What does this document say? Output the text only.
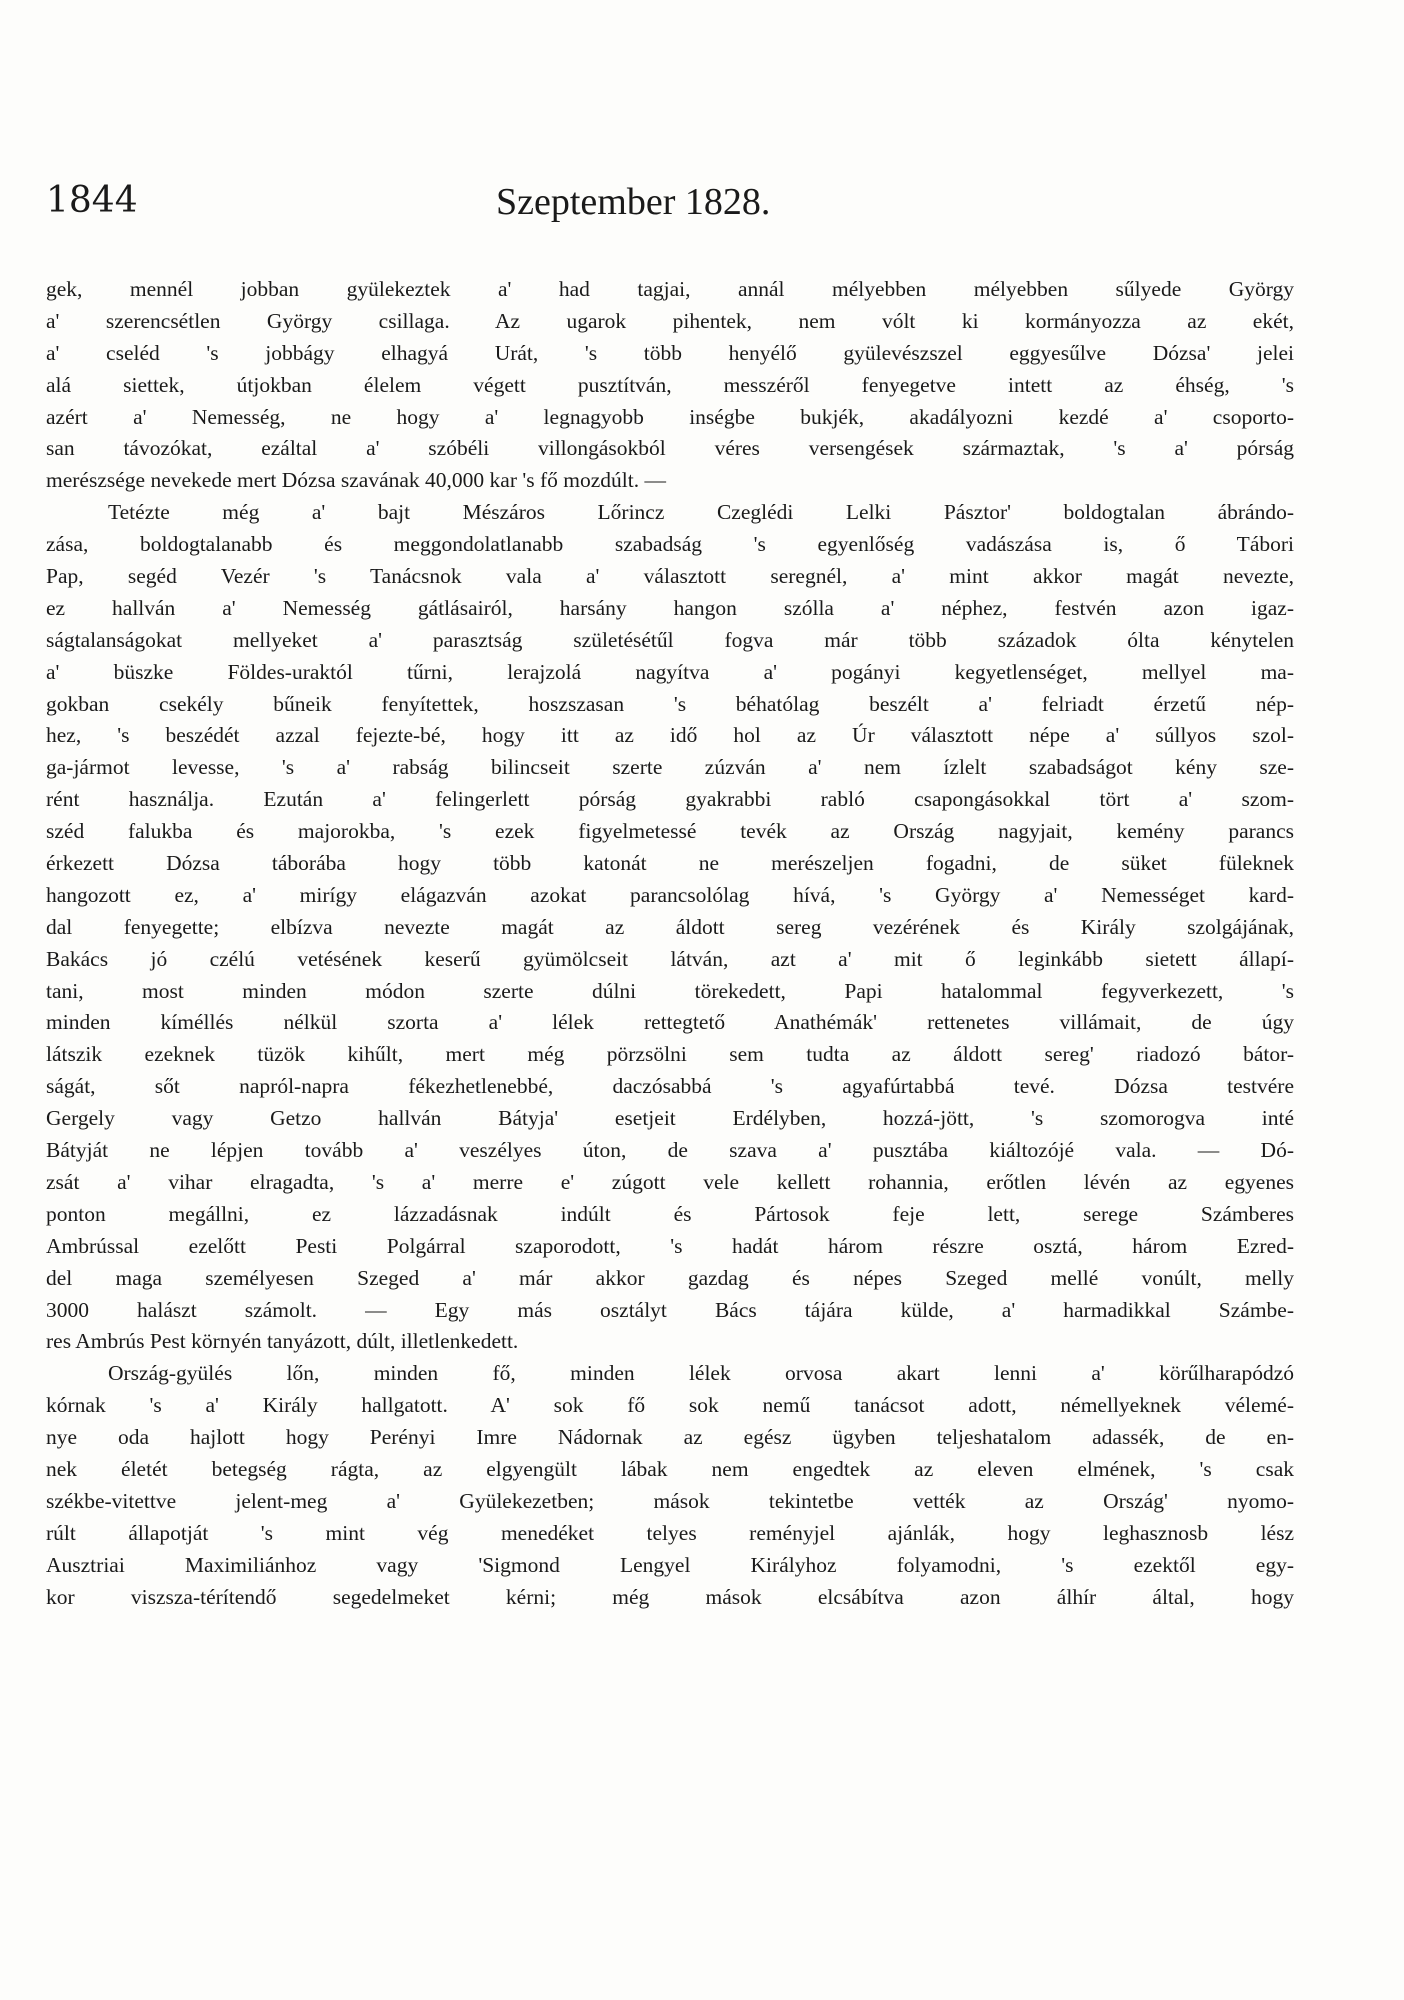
1844	Szeptember 1828.
gek, mennél jobban gyülekeztek a' had tagjai, annál mélyebben mélyebben sűlyede György
a' szerencsétlen György csillaga. Az ugarok pihentek, nem vólt ki kormányozza az ekét,
a' cseléd 's jobbágy elhagyá Urát, 's több henyélő gyülevészszel eggyesűlve Dózsa' jelei
alá siettek, útjokban élelem végett pusztítván, messzéről fenyegetve intett az éhség, 's
azért a' Nemesség, ne hogy a' legnagyobb inségbe bukjék, akadályozni kezdé a' csoporto-
san távozókat, ezáltal a' szóbéli villongásokból véres versengések származtak, 's a' pórság
merészsége nevekede mert Dózsa szavának 40,000 kar 's fő mozdúlt. —
Tetézte még a' bajt Mészáros Lőrincz Czeglédi Lelki Pásztor' boldogtalan ábrándo-
zása, boldogtalanabb és meggondolatlanabb szabadság 's egyenlőség vadászása is, ő Tábori
Pap, segéd Vezér 's Tanácsnok vala a' választott seregnél, a' mint akkor magát nevezte,
ez hallván a' Nemesség gátlásairól, harsány hangon szólla a' néphez, festvén azon igaz-
ságtalanságokat mellyeket a' parasztság születésétűl fogva már több századok ólta kénytelen
a' büszke Földes-uraktól tűrni, lerajzolá nagyítva a' pogányi kegyetlenséget, mellyel ma-
gokban csekély bűneik fenyítettek, hoszszasan 's béhatólag beszélt a' felriadt érzetű nép-
hez, 's beszédét azzal fejezte-bé, hogy itt az idő hol az Úr választott népe a' súllyos szol-
ga-jármot levesse, 's a' rabság bilincseit szerte zúzván a' nem ízlelt szabadságot kény sze-
rént használja. Ezután a' felingerlett pórság gyakrabbi rabló csapongásokkal tört a' szom-
széd falukba és majorokba, 's ezek figyelmetessé tevék az Ország nagyjait, kemény parancs
érkezett Dózsa táborába hogy több katonát ne merészeljen fogadni, de süket füleknek
hangozott ez, a' mirígy elágazván azokat parancsolólag hívá, 's György a' Nemességet kard-
dal fenyegette; elbízva nevezte magát az áldott sereg vezérének és Király szolgájának,
Bakács jó czélú vetésének keserű gyümölcseit látván, azt a' mit ő leginkább sietett állapí-
tani, most minden módon szerte dúlni törekedett, Papi hatalommal fegyverkezett, 's
minden kíméllés nélkül szorta a' lélek rettegtető Anathémák' rettenetes villámait, de úgy
látszik ezeknek tüzök kihűlt, mert még pörzsölni sem tudta az áldott sereg' riadozó bátor-
ságát, sőt napról-napra fékezhetlenebbé, daczósabbá 's agyafúrtabbá tevé. Dózsa testvére
Gergely vagy Getzo hallván Bátyja' esetjeit Erdélyben, hozzá-jött, 's szomorogva inté
Bátyját ne lépjen tovább a' veszélyes úton, de szava a' pusztába kiáltozójé vala. — Dó-
zsát a' vihar elragadta, 's a' merre e' zúgott vele kellett rohannia, erőtlen lévén az egyenes
ponton megállni, ez lázzadásnak indúlt és Pártosok feje lett, serege Számberes
Ambrússal ezelőtt Pesti Polgárral szaporodott, 's hadát három részre osztá, három Ezred-
del maga személyesen Szeged a' már akkor gazdag és népes Szeged mellé vonúlt, melly
3000 halászt számolt. — Egy más osztályt Bács tájára külde, a' harmadikkal Számbe-
res Ambrús Pest környén tanyázott, dúlt, illetlenkedett.
Ország-gyülés lőn, minden fő, minden lélek orvosa akart lenni a' körűlharapódzó
kórnak 's a' Király hallgatott. A' sok fő sok nemű tanácsot adott, némellyeknek vélemé-
nye oda hajlott hogy Perényi Imre Nádornak az egész ügyben teljeshatalom adassék, de en-
nek életét betegség rágta, az elgyengült lábak nem engedtek az eleven elmének, 's csak
székbe-vitettve jelent-meg a' Gyülekezetben; mások tekintetbe vették az Ország' nyomo-
rúlt állapotját 's mint vég menedéket telyes reményjel ajánlák, hogy leghasznosb lész
Ausztriai Maximiliánhoz vagy 'Sigmond Lengyel Királyhoz folyamodni, 's ezektől egy-
kor viszsza-térítendő segedelmeket kérni; még mások elcsábítva azon álhír által, hogy
